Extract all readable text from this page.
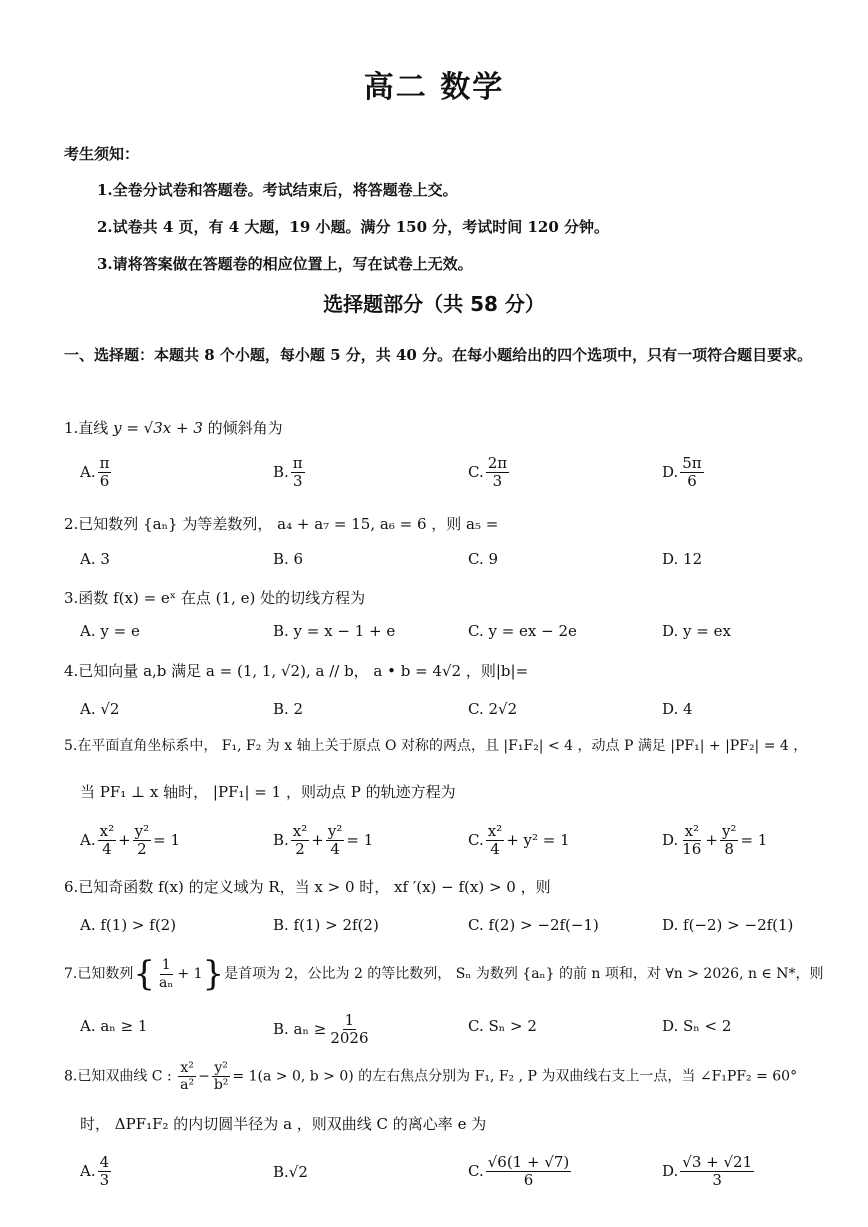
高二 数学
考生须知：
1.全卷分试卷和答题卷。考试结束后，将答题卷上交。
2.试卷共 4 页，有 4 大题，19 小题。满分 150 分，考试时间 120 分钟。
3.请将答案做在答题卷的相应位置上，写在试卷上无效。
选择题部分（共 58 分）
一、选择题：本题共 8 个小题，每小题 5 分，共 40 分。在每小题给出的四个选项中，只有一项符合题目要求。
1.直线 y = √3x + 3 的倾斜角为
A. $\frac{\pi}{6}$	B. $\frac{\pi}{3}$	C. $\frac{2\pi}{3}$	D. $\frac{5\pi}{6}$
2.已知数列 {aₙ} 为等差数列， a₄ + a₇ = 15, a₆ = 6 ，则 a₅ =
A. 3	B. 6	C. 9	D. 12
3.函数 f(x) = eˣ 在点 (1, e) 处的切线方程为
A. y = e	B. y = x − 1 + e	C. y = ex − 2e	D. y = ex
4.已知向量 a,b 满足 a = (1, 1, √2), a // b， a • b = 4√2 ，则|b|=
A. √2	B. 2	C. 2√2	D. 4
5.在平面直角坐标系中， F₁, F₂ 为 x 轴上关于原点 O 对称的两点，且 |F₁F₂| < 4 ，动点 P 满足 |PF₁| + |PF₂| = 4 ，
当 PF₁ ⊥ x 轴时， |PF₁| = 1 ，则动点 P 的轨迹方程为
A. $\frac{\text{x²}}{4} + \frac{\text{y²}}{2} = 1$	B. $\frac{\text{x²}}{2} + \frac{\text{y²}}{4} = 1$	C. $\frac{\text{x²}}{4} + y^2 = 1$	D. $\frac{\text{x²}}{16} + \frac{\text{y²}}{8} = 1$
6.已知奇函数 f(x) 的定义域为 R，当 x > 0 时， xf ′(x) − f(x) > 0 ，则
A. f(1) > f(2)	B. f(1) > 2f(2)	C. f(2) > −2f(−1)	D. f(−2) > −2f(1)
7.已知数列{ $\frac{1}{\text{aₙ}} + 1$}是首项为 2，公比为 2 的等比数列， Sₙ 为数列 {aₙ} 的前 n 项和，对 ∀n > 2026, n ∈ N*，则
A. aₙ ≥ 1	B. $a_n \ge \frac{1}{2026}$	C. Sₙ > 2	D. Sₙ < 2
8.已知双曲线 C : $\frac{\text{x²}}{\text{a²}} - \frac{\text{y²}}{\text{b²}} = 1(a > 0$, b > 0) 的左右焦点分别为 F₁, F₂ , P 为双曲线右支上一点，当 ∠F₁PF₂ = 60°
时， ΔPF₁F₂ 的内切圆半径为 a ，则双曲线 C 的离心率 e 为
A. $\frac{4}{3}$	B.√2	C. $\frac{√6(1 + √7)}{6}$	D. $\frac{√3 + √21}{3}$
